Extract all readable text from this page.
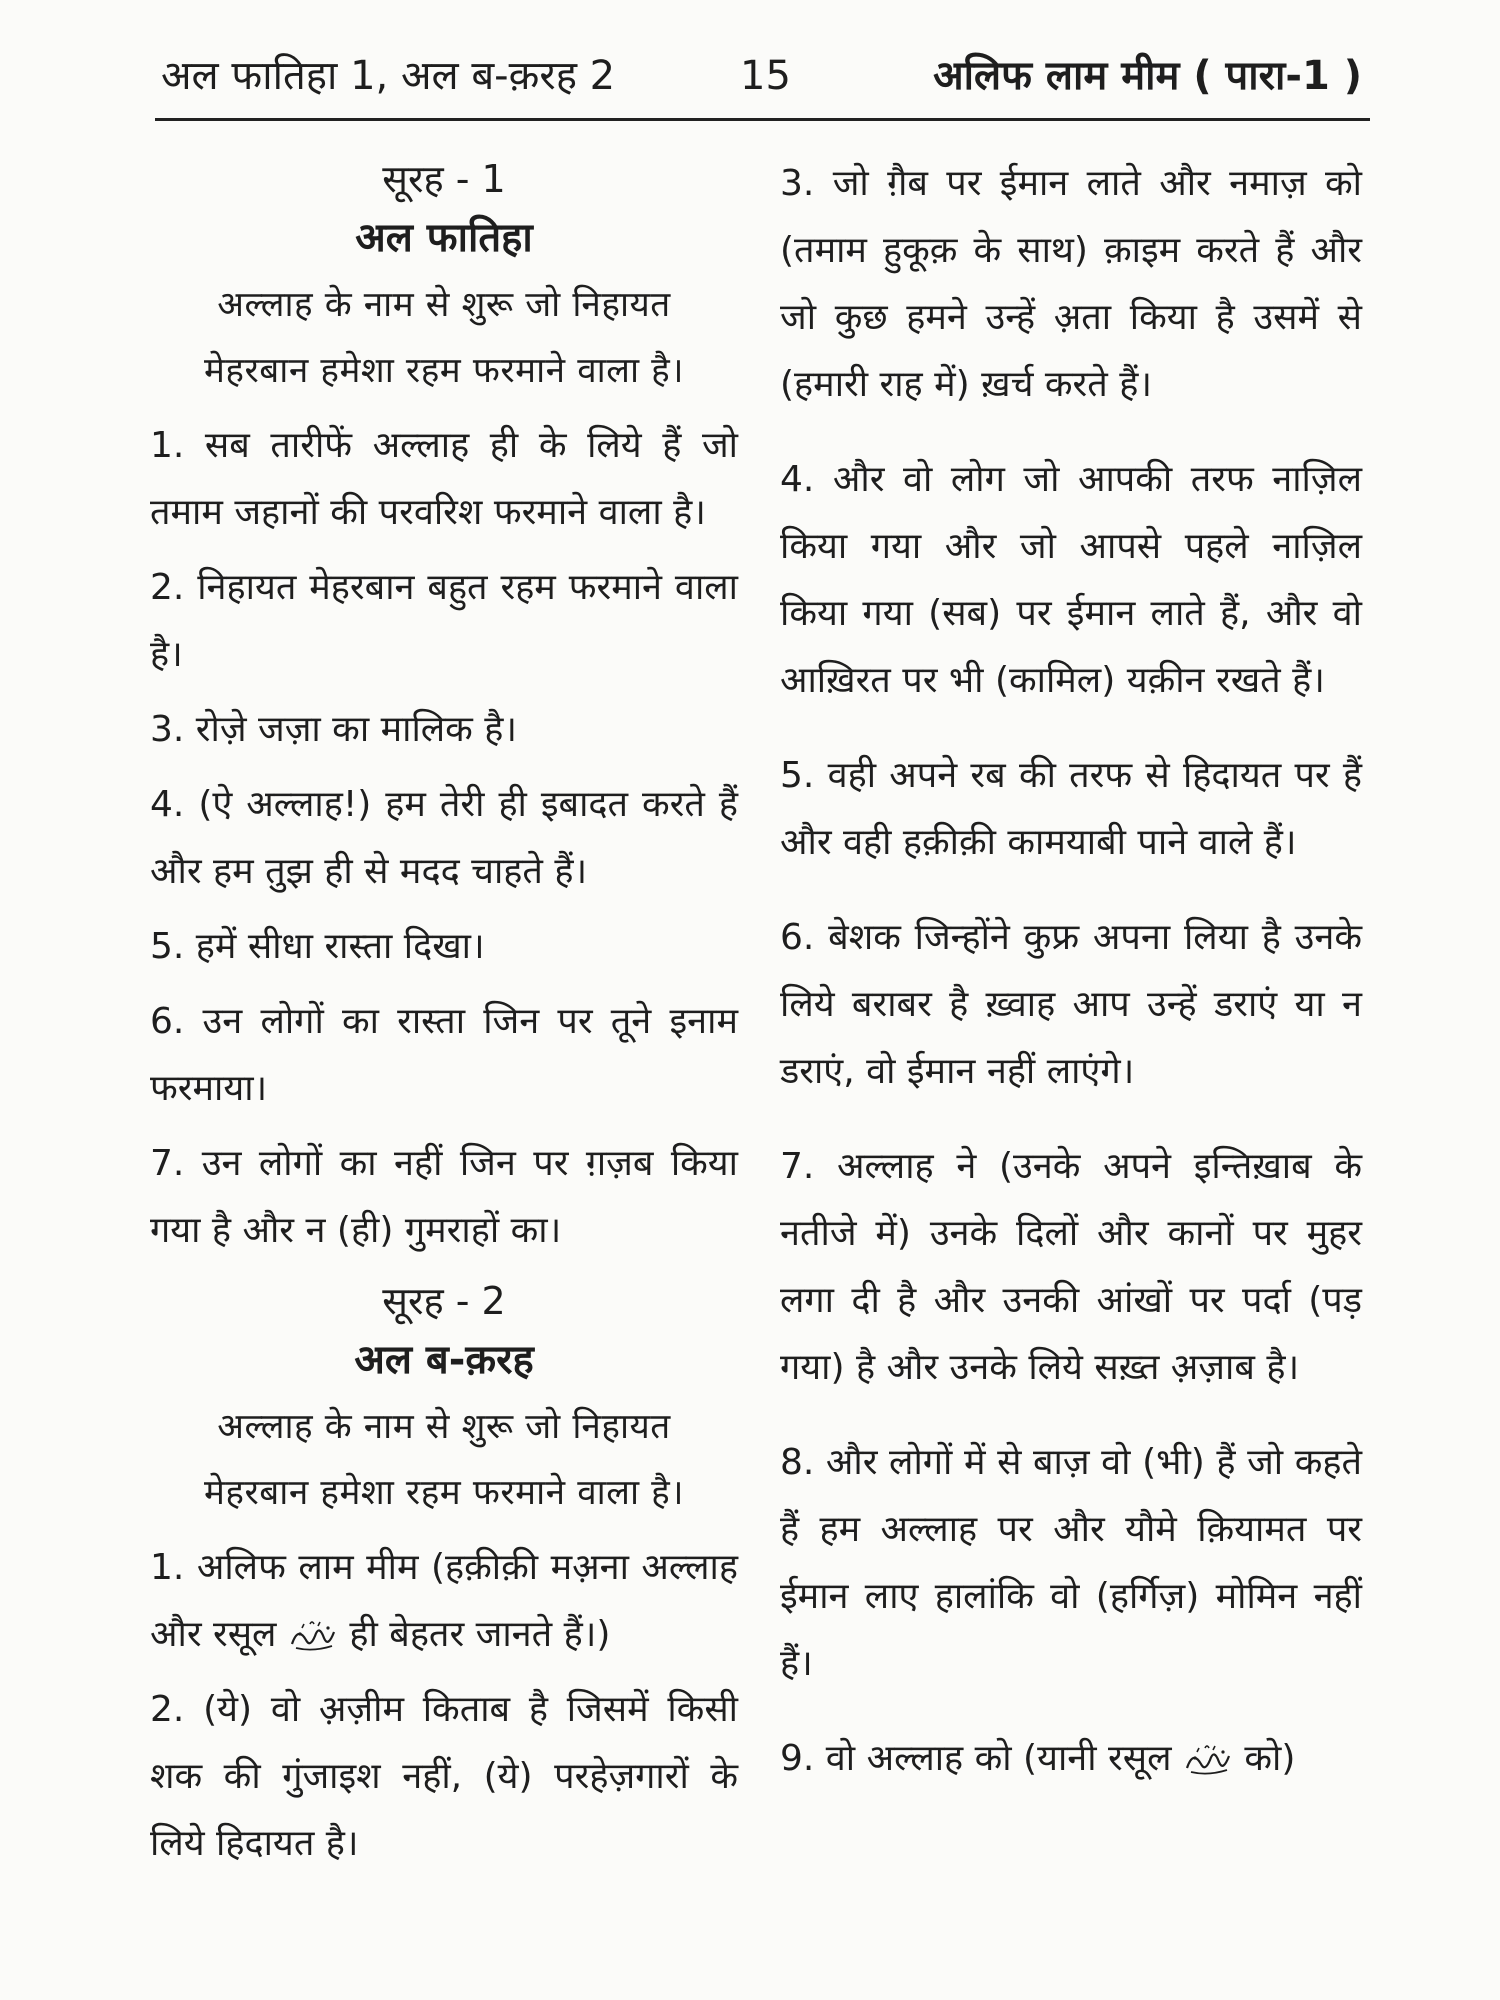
अल फातिहा 1, अल ब-क़रह 2	15	अलिफ लाम मीम ( पारा-1 )

सूरह - 1

अल फातिहा

अल्लाह के नाम से शुरू जो निहायत
मेहरबान हमेशा रहम फरमाने वाला है।

1. सब तारीफें अल्लाह ही के लिये हैं जो तमाम जहानों की परवरिश फरमाने वाला है।

2. निहायत मेहरबान बहुत रहम फरमाने वाला है।

3. रोज़े जज़ा का मालिक है।

4. (ऐ अल्लाह!) हम तेरी ही इबादत करते हैं और हम तुझ ही से मदद चाहते हैं।

5. हमें सीधा रास्ता दिखा।

6. उन लोगों का रास्ता जिन पर तूने इनाम फरमाया।

7. उन लोगों का नहीं जिन पर ग़ज़ब किया गया है और न (ही) गुमराहों का।

सूरह - 2

अल ब-क़रह

अल्लाह के नाम से शुरू जो निहायत
मेहरबान हमेशा रहम फरमाने वाला है।

1. अलिफ लाम मीम (हक़ीक़ी मअ़ना अल्लाह और रसूल ही बेहतर जानते हैं।)

2. (ये) वो अ़ज़ीम किताब है जिसमें किसी शक की गुंजाइश नहीं, (ये) परहेज़गारों के लिये हिदायत है।

3. जो ग़ैब पर ईमान लाते और नमाज़ को (तमाम हुकूक़ के साथ) क़ाइम करते हैं और जो कुछ हमने उन्हें अ़ता किया है उसमें से (हमारी राह में) ख़र्च करते हैं।

4. और वो लोग जो आपकी तरफ नाज़िल किया गया और जो आपसे पहले नाज़िल किया गया (सब) पर ईमान लाते हैं, और वो आख़िरत पर भी (कामिल) यक़ीन रखते हैं।

5. वही अपने रब की तरफ से हिदायत पर हैं और वही हक़ीक़ी कामयाबी पाने वाले हैं।

6. बेशक जिन्होंने कुफ्र अपना लिया है उनके लिये बराबर है ख़्वाह आप उन्हें डराएं या न डराएं, वो ईमान नहीं लाएंगे।

7. अल्लाह ने (उनके अपने इन्तिख़ाब के नतीजे में) उनके दिलों और कानों पर मुहर लगा दी है और उनकी आंखों पर पर्दा (पड़ गया) है और उनके लिये सख़्त अ़ज़ाब है।

8. और लोगों में से बाज़ वो (भी) हैं जो कहते हैं हम अल्लाह पर और यौमे क़ियामत पर ईमान लाए हालांकि वो (हर्गिज़) मोमिन नहीं हैं।

9. वो अल्लाह को (यानी रसूल को)
